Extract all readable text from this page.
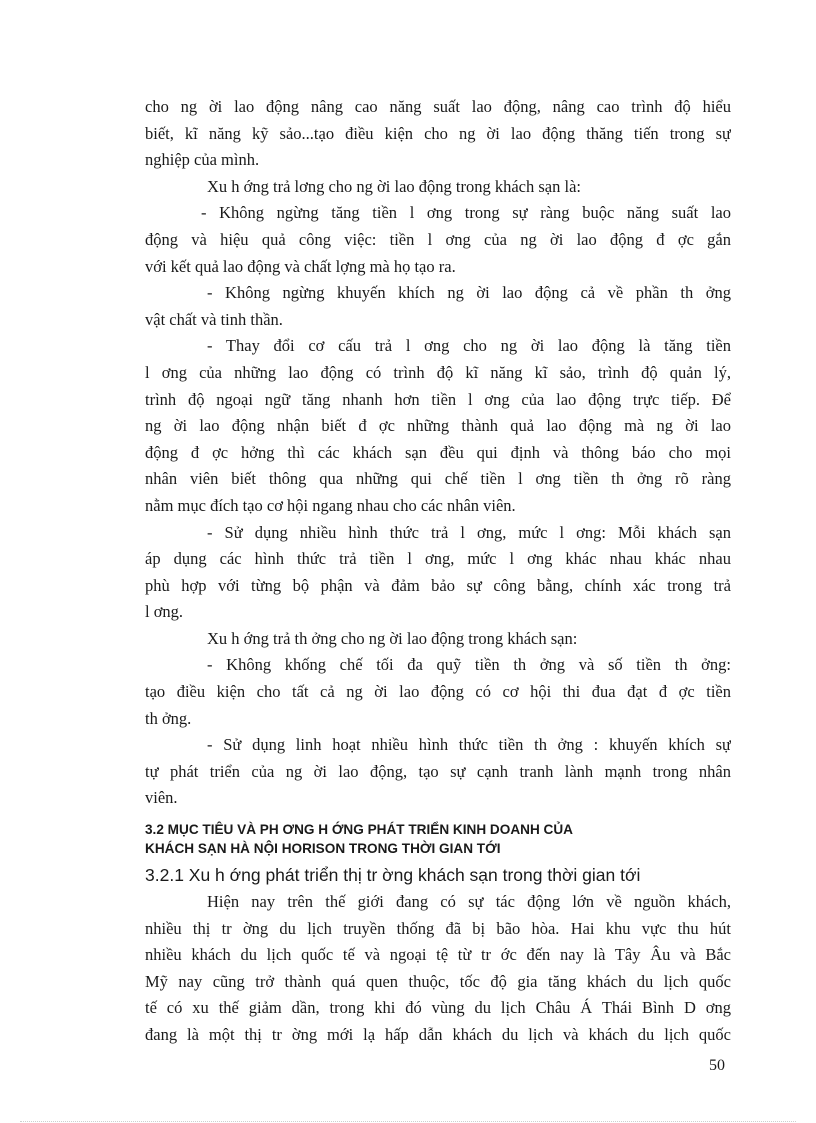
cho ng ời lao động nâng cao năng suất lao động, nâng cao trình độ hiểu
biết, kĩ năng kỹ sảo...tạo điều kiện cho ng ời lao động thăng tiến trong sự
nghiệp của mình.
Xu h ớng trả lơng cho ng ời lao động trong khách sạn là:
- Không ngừng tăng tiền l ơng trong sự ràng buộc năng suất lao
động và hiệu quả công việc: tiền l ơng của ng ời lao động đ ợc gắn
với kết quả lao động và chất lợng mà họ tạo ra.
- Không ngừng khuyến khích ng ời lao động cả về phần th ởng
vật chất và tinh thần.
- Thay đổi cơ cấu trả l ơng cho ng ời lao động là tăng tiền
l ơng của những lao động có trình độ kĩ năng kĩ sảo, trình độ quản lý,
trình độ ngoại ngữ tăng nhanh hơn tiền l ơng của lao động trực tiếp. Để
ng ời lao động nhận biết đ ợc những thành quả lao động mà ng ời lao
động đ ợc hởng thì các khách sạn đều qui định và thông báo cho mọi
nhân viên biết thông qua những qui chế tiền l ơng tiền th ởng rõ ràng
nằm mục đích tạo cơ hội ngang nhau cho các nhân viên.
- Sử dụng nhiều hình thức trả l ơng, mức l ơng: Mỗi khách sạn
áp dụng các hình thức trả tiền l ơng, mức l ơng khác nhau khác nhau
phù hợp với từng bộ phận và đảm bảo sự công bằng, chính xác trong trả
l ơng.
Xu h ớng trả th ởng cho ng ời lao động trong khách sạn:
- Không khống chế tối đa quỹ tiền th ởng và số tiền th ởng:
tạo điều kiện cho tất cả ng ời lao động có cơ hội thi đua đạt đ ợc tiền
th ởng.
- Sử dụng linh hoạt nhiều hình thức tiền th ởng : khuyến khích sự
tự phát triển của ng ời lao động, tạo sự cạnh tranh lành mạnh trong nhân
viên.
3.2 MỤC TIÊU VÀ PH ƠNG H ỚNG PHÁT TRIỂN KINH DOANH CỦA
KHÁCH SẠN HÀ NỘI HORISON TRONG THỜI GIAN TỚI
3.2.1 Xu h ớng phát triển thị tr ờng khách sạn trong thời gian tới
Hiện nay trên thế giới đang có sự tác động lớn về nguồn khách,
nhiều thị tr ờng du lịch truyền thống đã bị bão hòa. Hai khu vực thu hút
nhiều khách du lịch quốc tế và ngoại tệ từ tr ớc đến nay là Tây Âu và Bắc
Mỹ nay cũng trở thành quá quen thuộc, tốc độ gia tăng khách du lịch quốc
tế có xu thế giảm dần, trong khi đó vùng du lịch Châu Á Thái Bình D ơng
đang là một thị tr ờng mới lạ hấp dẫn khách du lịch và khách du lịch quốc
50
